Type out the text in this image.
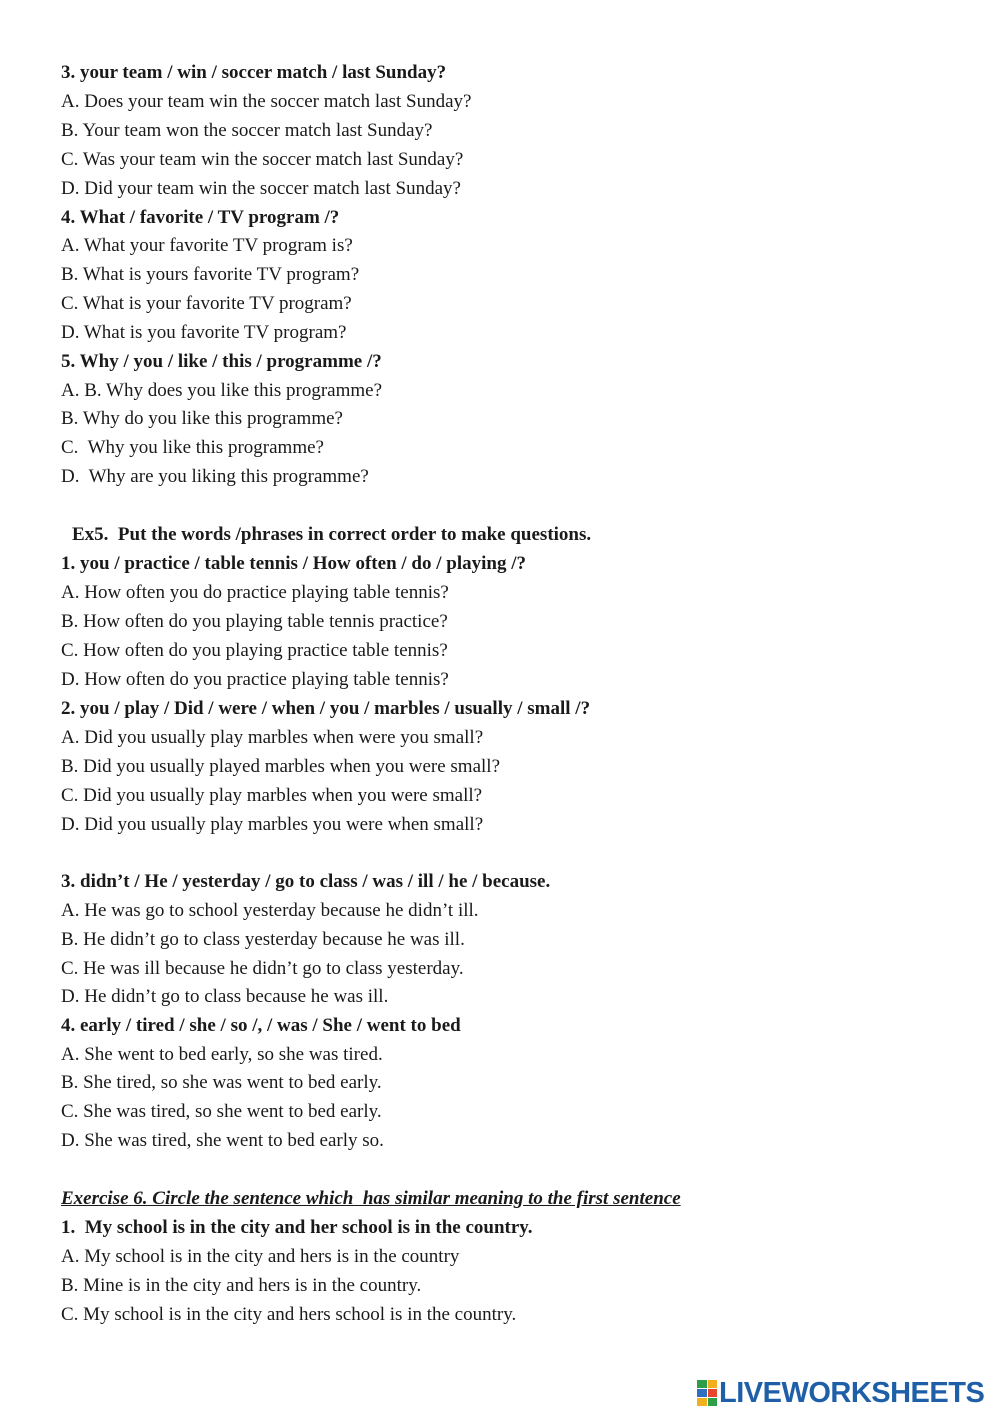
3. your team / win / soccer match / last Sunday?
A. Does your team win the soccer match last Sunday?
B. Your team won the soccer match last Sunday?
C. Was your team win the soccer match last Sunday?
D. Did your team win the soccer match last Sunday?
4. What / favorite / TV program /?
A. What your favorite TV program is?
B. What is yours favorite TV program?
C. What is your favorite TV program?
D. What is you favorite TV program?
5. Why / you / like / this / programme /?
A. B. Why does you like this programme?
B. Why do you like this programme?
C.  Why you like this programme?
D.  Why are you liking this programme?
Ex5.  Put the words /phrases in correct order to make questions.
1. you / practice / table tennis / How often / do / playing /?
A. How often you do practice playing table tennis?
B. How often do you playing table tennis practice?
C. How often do you playing practice table tennis?
D. How often do you practice playing table tennis?
2. you / play / Did / were / when / you / marbles / usually / small /?
A. Did you usually play marbles when were you small?
B. Did you usually played marbles when you were small?
C. Did you usually play marbles when you were small?
D. Did you usually play marbles you were when small?
3. didn’t / He / yesterday / go to class / was / ill / he / because.
A. He was go to school yesterday because he didn’t ill.
B. He didn’t go to class yesterday because he was ill.
C. He was ill because he didn’t go to class yesterday.
D. He didn’t go to class because he was ill.
4. early / tired / she / so /, / was / She / went to bed
A. She went to bed early, so she was tired.
B. She tired, so she was went to bed early.
C. She was tired, so she went to bed early.
D. She was tired, she went to bed early so.
Exercise 6. Circle the sentence which  has similar meaning to the first sentence
1.  My school is in the city and her school is in the country.
A. My school is in the city and hers is in the country
B. Mine is in the city and hers is in the country.
C. My school is in the city and hers school is in the country.
LIVEWORKSHEETS
